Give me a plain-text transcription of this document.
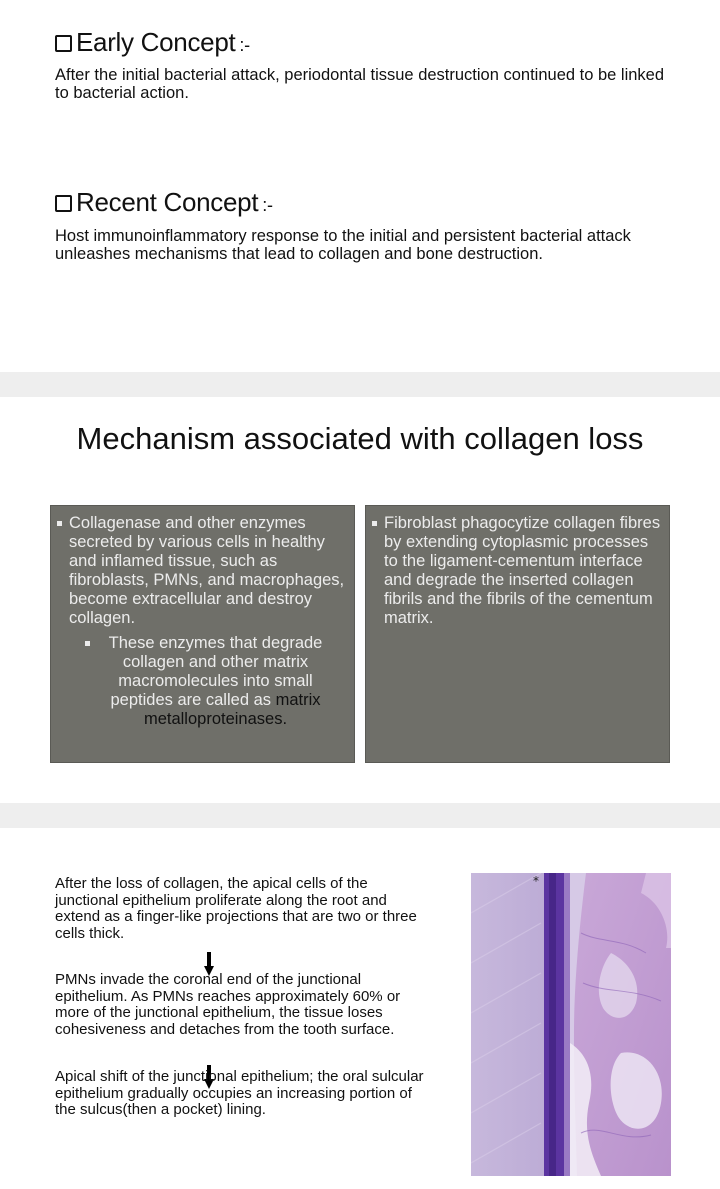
Early Concept :-
After the initial bacterial attack, periodontal tissue destruction continued to be linked to bacterial action.
Recent Concept :-
Host immunoinflammatory response to the initial and persistent bacterial attack unleashes mechanisms that lead to collagen and bone destruction.
Mechanism associated with collagen loss
Collagenase and other enzymes secreted by various cells in healthy and inflamed tissue, such as fibroblasts, PMNs, and macrophages, become extracellular and destroy collagen.
These enzymes that degrade collagen and other matrix macromolecules into small peptides are called as matrix metalloproteinases.
Fibroblast phagocytize collagen fibres by extending cytoplasmic processes to the ligament-cementum interface and degrade the inserted collagen fibrils and the fibrils of the cementum matrix.
After the loss of collagen, the apical cells of the junctional epithelium proliferate along the root and extend as a finger-like projections that are two or three cells thick.
PMNs invade the coronal end of the junctional epithelium. As PMNs reaches approximately 60% or more of the junctional epithelium, the tissue loses cohesiveness and detaches from the tooth surface.
Apical shift of the junctional epithelium; the oral sulcular epithelium gradually occupies an increasing portion of the sulcus(then a pocket) lining.
*
